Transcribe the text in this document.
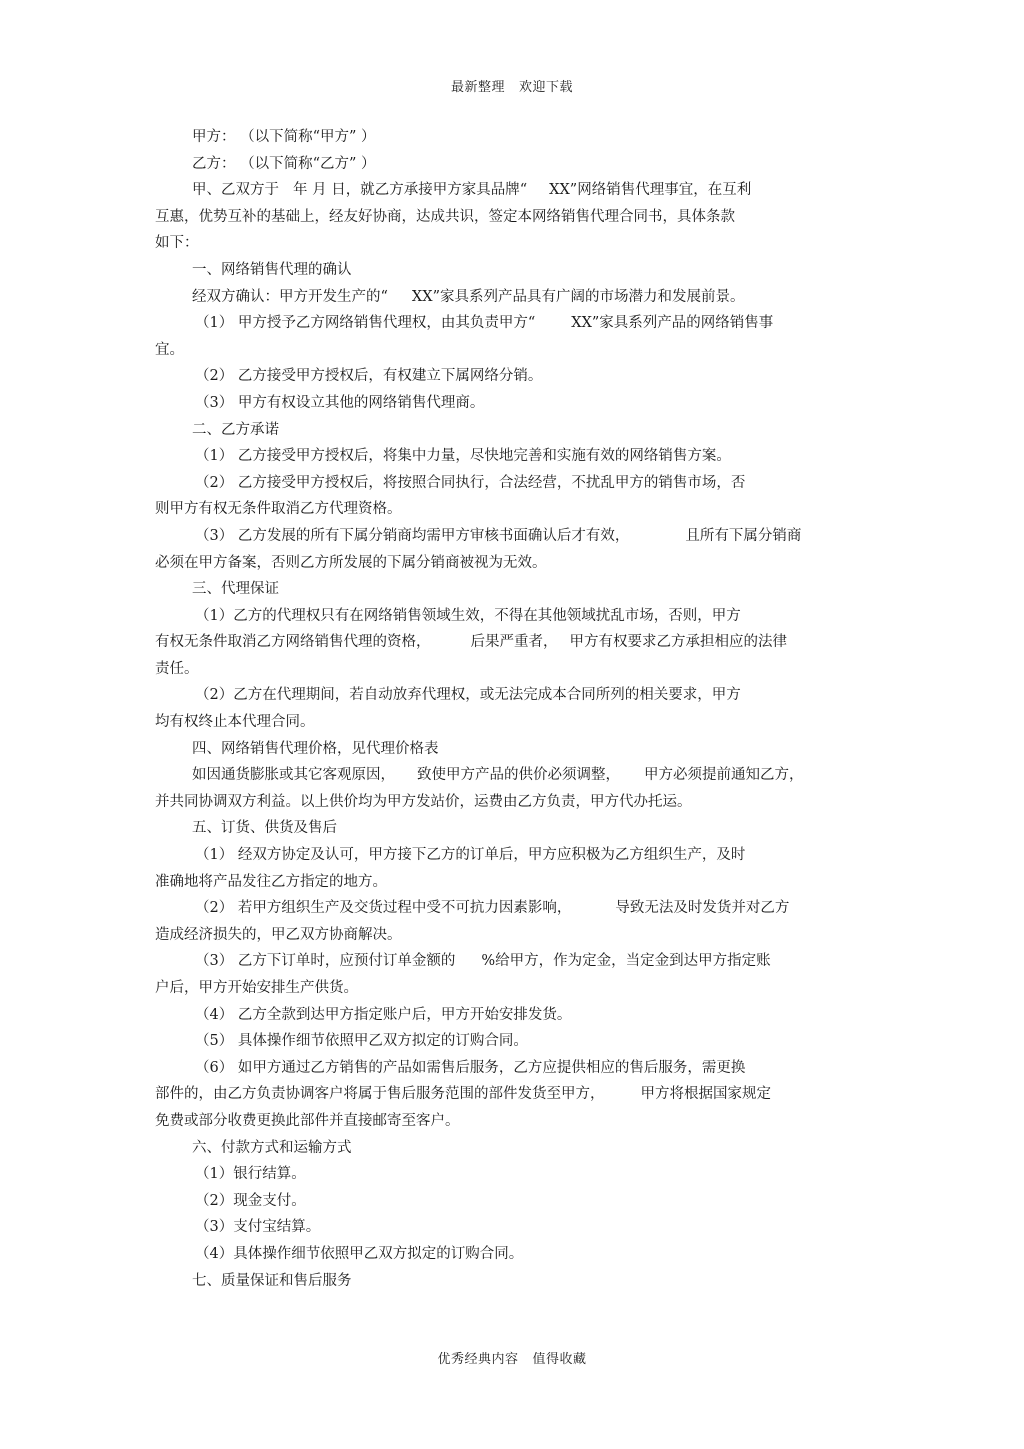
最新整理 欢迎下载
甲方： （以下简称“甲方” ）
乙方： （以下简称“乙方” ）
甲、乙双方于 年 月 日，就乙方承接甲方家具品牌“ XX”网络销售代理事宜，在互利
互惠，优势互补的基础上，经友好协商，达成共识，签定本网络销售代理合同书，具体条款
如下：
一、网络销售代理的确认
经双方确认：甲方开发生产的“ XX”家具系列产品具有广阔的市场潜力和发展前景。
（1） 甲方授予乙方网络销售代理权，由其负责甲方“ XX”家具系列产品的网络销售事
宜。
（2） 乙方接受甲方授权后，有权建立下属网络分销。
（3） 甲方有权设立其他的网络销售代理商。
二、乙方承诺
（1） 乙方接受甲方授权后，将集中力量，尽快地完善和实施有效的网络销售方案。
（2） 乙方接受甲方授权后，将按照合同执行，合法经营，不扰乱甲方的销售市场，否
则甲方有权无条件取消乙方代理资格。
（3） 乙方发展的所有下属分销商均需甲方审核书面确认后才有效，	且所有下属分销商
必须在甲方备案，否则乙方所发展的下属分销商被视为无效。
三、代理保证
（1）乙方的代理权只有在网络销售领域生效，不得在其他领域扰乱市场，否则，甲方
有权无条件取消乙方网络销售代理的资格，	后果严重者， 甲方有权要求乙方承担相应的法律
责任。
（2）乙方在代理期间，若自动放弃代理权，或无法完成本合同所列的相关要求，甲方
均有权终止本代理合同。
四、网络销售代理价格，见代理价格表
如因通货膨胀或其它客观原因， 致使甲方产品的供价必须调整， 甲方必须提前通知乙方，
并共同协调双方利益。以上供价均为甲方发站价，运费由乙方负责，甲方代办托运。
五、订货、供货及售后
（1） 经双方协定及认可，甲方接下乙方的订单后，甲方应积极为乙方组织生产，及时
准确地将产品发往乙方指定的地方。
（2） 若甲方组织生产及交货过程中受不可抗力因素影响，	导致无法及时发货并对乙方
造成经济损失的，甲乙双方协商解决。
（3） 乙方下订单时，应预付订单金额的 %给甲方，作为定金，当定金到达甲方指定账
户后，甲方开始安排生产供货。
（4） 乙方全款到达甲方指定账户后，甲方开始安排发货。
（5） 具体操作细节依照甲乙双方拟定的订购合同。
（6） 如甲方通过乙方销售的产品如需售后服务，乙方应提供相应的售后服务，需更换
部件的，由乙方负责协调客户将属于售后服务范围的部件发货至甲方， 甲方将根据国家规定
免费或部分收费更换此部件并直接邮寄至客户。
六、付款方式和运输方式
（1）银行结算。
（2）现金支付。
（3）支付宝结算。
（4）具体操作细节依照甲乙双方拟定的订购合同。
七、质量保证和售后服务
优秀经典内容 值得收藏
